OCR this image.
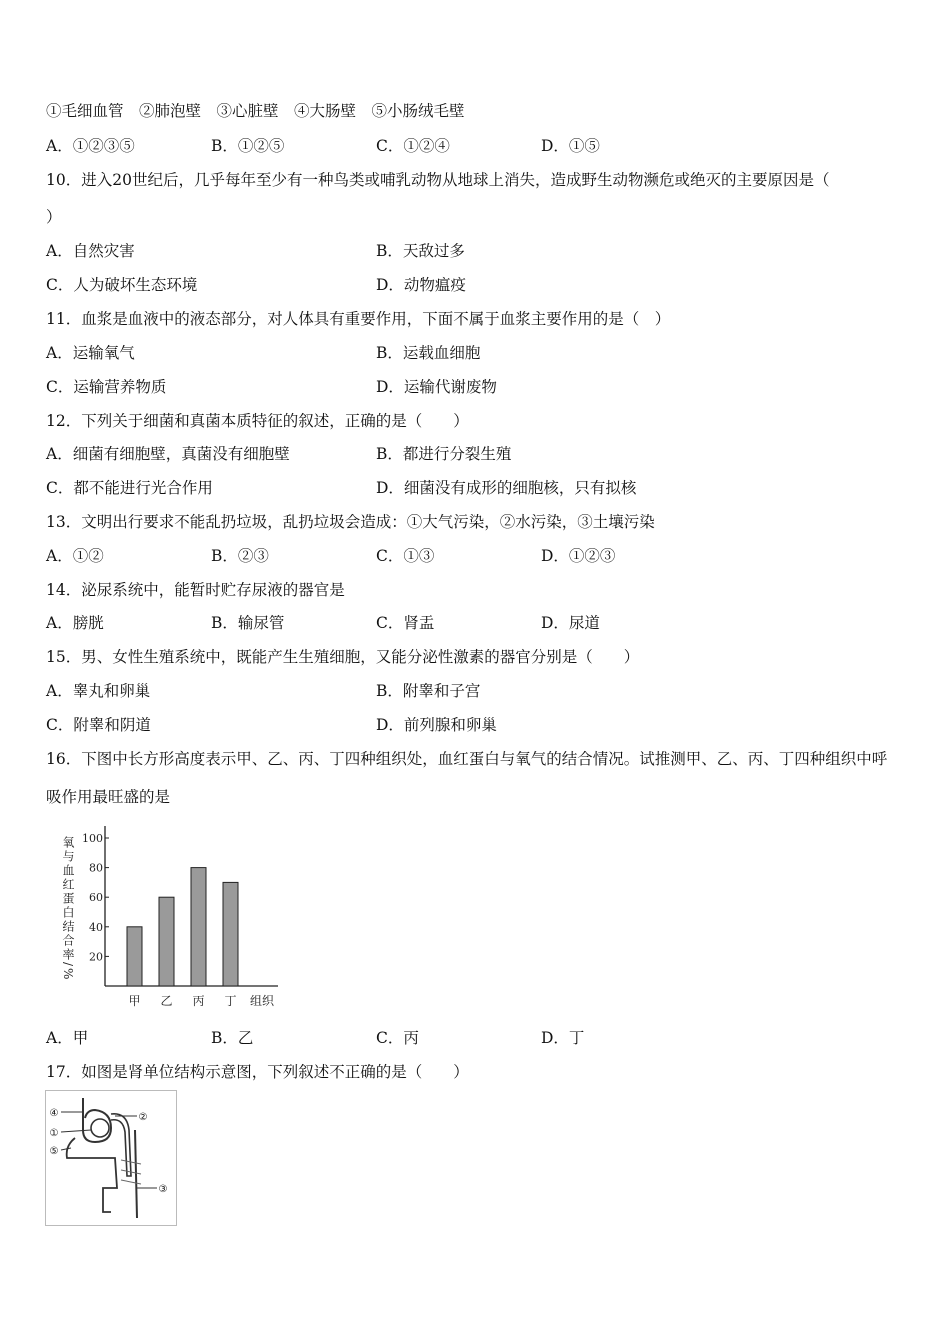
①毛细血管　②肺泡壁　③心脏壁　④大肠壁　⑤小肠绒毛壁
A．①②③⑤	B．①②⑤	C．①②④	D．①⑤
10．进入20世纪后，几乎每年至少有一种鸟类或哺乳动物从地球上消失，造成野生动物濒危或绝灭的主要原因是（
）
A．自然灾害	B．天敌过多
C．人为破坏生态环境	D．动物瘟疫
11．血浆是血液中的液态部分，对人体具有重要作用，下面不属于血浆主要作用的是（　）
A．运输氧气	B．运载血细胞
C．运输营养物质	D．运输代谢废物
12．下列关于细菌和真菌本质特征的叙述，正确的是（　　）
A．细菌有细胞壁，真菌没有细胞壁	B．都进行分裂生殖
C．都不能进行光合作用	D．细菌没有成形的细胞核，只有拟核
13．文明出行要求不能乱扔垃圾，乱扔垃圾会造成：①大气污染，②水污染，③土壤污染
A．①②	B．②③	C．①③	D．①②③
14．泌尿系统中，能暂时贮存尿液的器官是
A．膀胱	B．输尿管	C．肾盂	D．尿道
15．男、女性生殖系统中，既能产生生殖细胞，又能分泌性激素的器官分别是（　　）
A．睾丸和卵巢	B．附睾和子宫
C．附睾和阴道	D．前列腺和卵巢
16．下图中长方形高度表示甲、乙、丙、丁四种组织处，血红蛋白与氧气的结合情况。试推测甲、乙、丙、丁四种组织中呼
吸作用最旺盛的是
氧与血红蛋白结合率/% 20
40
60
80
100
甲 乙 丙 丁 组织
A．甲	B．乙	C．丙	D．丁
17．如图是肾单位结构示意图，下列叙述不正确的是（　　）
④	②
①
⑤
③
